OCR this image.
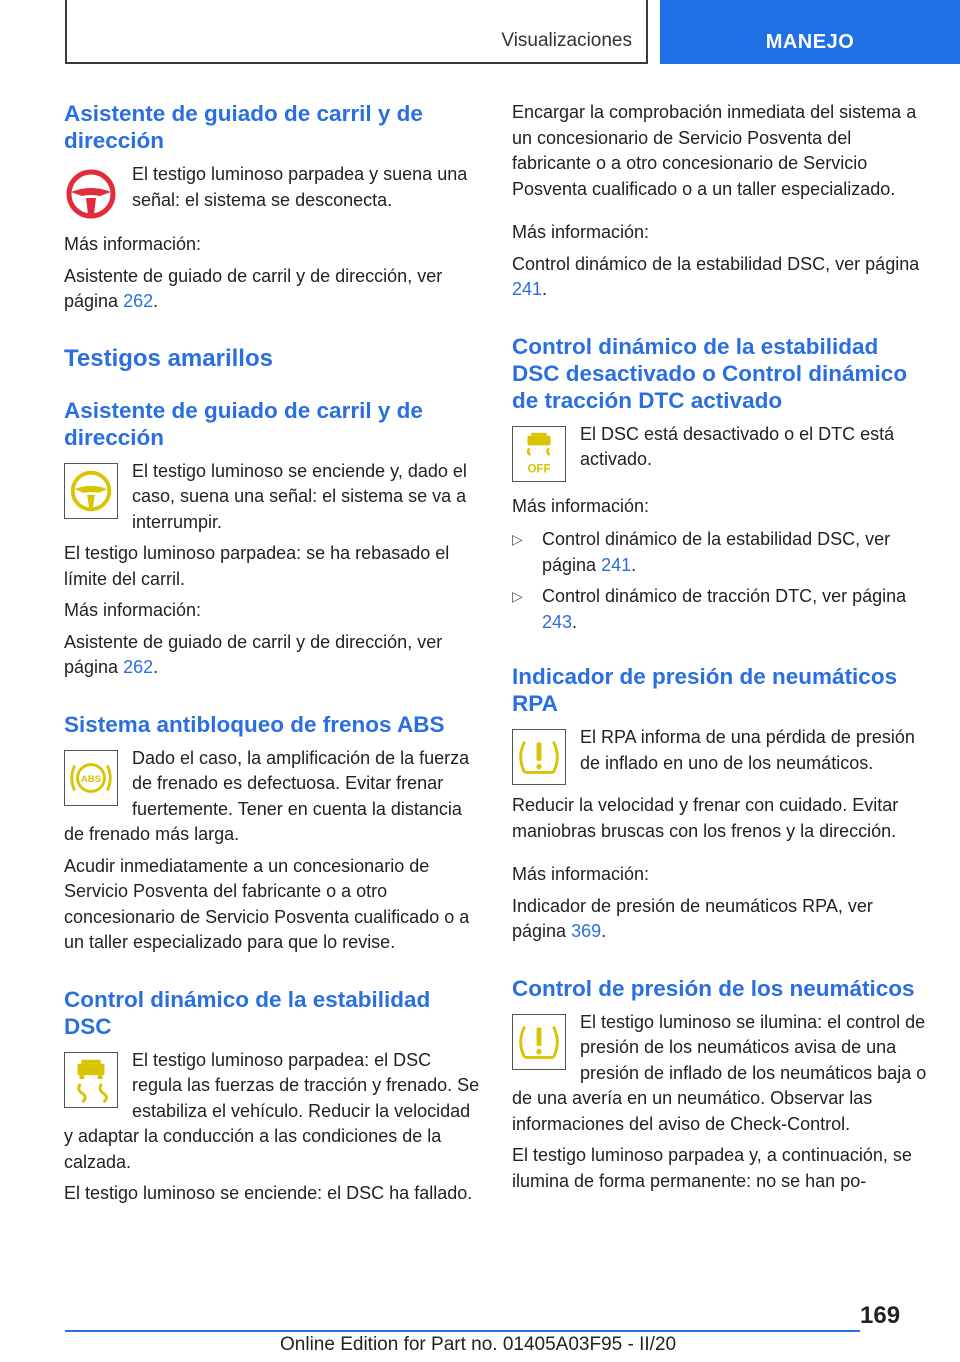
Visualizaciones	MANEJO
Asistente de guiado de carril y de dirección

El testigo luminoso parpadea y suena una señal: el sistema se desconecta.

Más información:

Asistente de guiado de carril y de dirección, ver página 262.

Testigos amarillos
Asistente de guiado de carril y de dirección

El testigo luminoso se enciende y, dado el caso, suena una señal: el sistema se va a interrumpir.

El testigo luminoso parpadea: se ha rebasado el límite del carril.

Más información:

Asistente de guiado de carril y de dirección, ver página 262.

Sistema antibloqueo de frenos ABS
ABS

Dado el caso, la amplificación de la fuerza de frenado es defectuosa. Evitar frenar fuertemente. Tener en cuenta la distancia de frenado más larga.

Acudir inmediatamente a un concesionario de Servicio Posventa del fabricante o a otro concesionario de Servicio Posventa cualificado o a un taller especializado para que lo revise.

Control dinámico de la estabilidad DSC

El testigo luminoso parpadea: el DSC regula las fuerzas de tracción y frenado. Se estabiliza el vehículo. Reducir la velocidad y adaptar la conducción a las condiciones de la calzada.

El testigo luminoso se enciende: el DSC ha fallado.

Encargar la comprobación inmediata del sistema a un concesionario de Servicio Posventa del fabricante o a otro concesionario de Servicio Posventa cualificado o a un taller especializado.

Más información:

Control dinámico de la estabilidad DSC, ver página 241.

Control dinámico de la estabilidad DSC desactivado o Control dinámico de tracción DTC activado
OFF

El DSC está desactivado o el DTC está activado.

Más información:

▷ Control dinámico de la estabilidad DSC, ver página 241.
▷ Control dinámico de tracción DTC, ver página 243.
Indicador de presión de neumáticos RPA

El RPA informa de una pérdida de presión de inflado en uno de los neumáticos.

Reducir la velocidad y frenar con cuidado. Evitar maniobras bruscas con los frenos y la dirección.

Más información:

Indicador de presión de neumáticos RPA, ver página 369.

Control de presión de los neumáticos

El testigo luminoso se ilumina: el control de presión de los neumáticos avisa de una presión de inflado de los neumáticos baja o de una avería en un neumático. Observar las informaciones del aviso de Check-Control.

El testigo luminoso parpadea y, a continuación, se ilumina de forma permanente: no se han po-

169
Online Edition for Part no. 01405A03F95 - II/20
